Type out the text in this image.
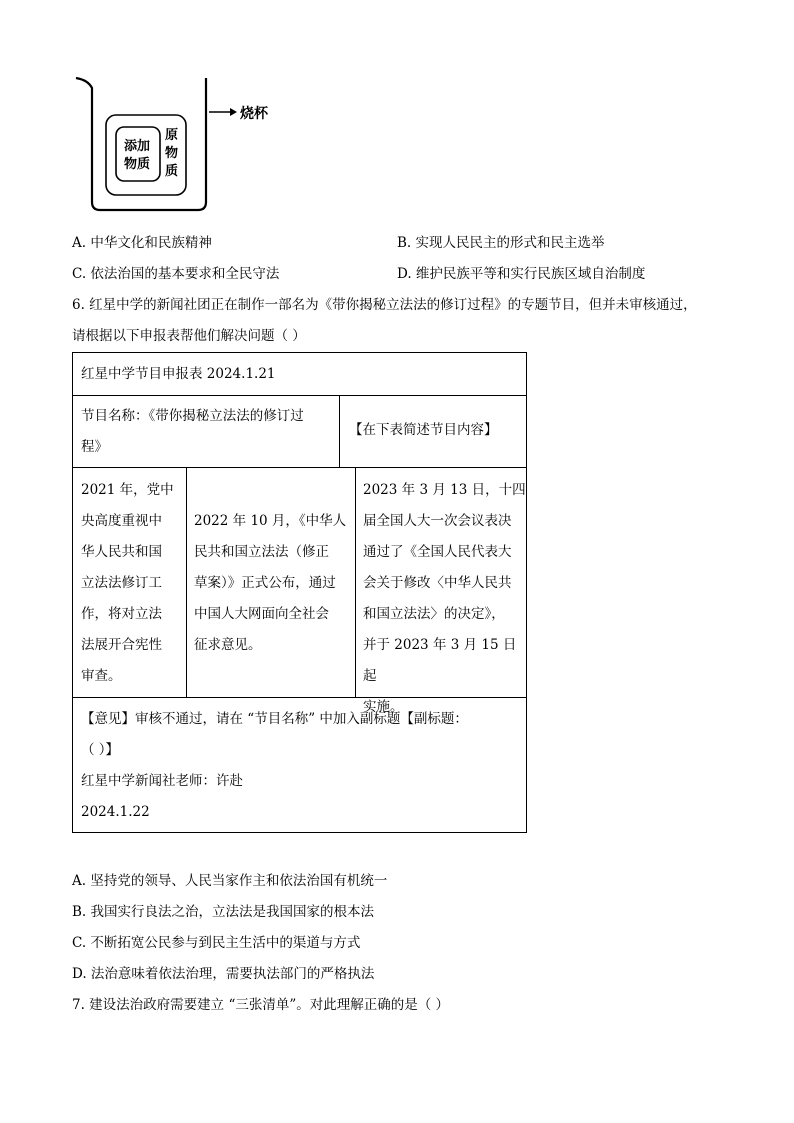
烧杯
添加
物质
原
物
质
A. 中华文化和民族精神	B. 实现人民民主的形式和民主选举
C. 依法治国的基本要求和全民守法	D. 维护民族平等和实行民族区域自治制度
6. 红星中学的新闻社团正在制作一部名为《带你揭秘立法法的修订过程》的专题节目，但并未审核通过，
请根据以下申报表帮他们解决问题（ ）
红星中学节目申报表 2024.1.21
节目名称：《带你揭秘立法法的修订过
程》
【在下表简述节目内容】
2021 年，党中
央高度重视中
华人民共和国
立法法修订工
作，将对立法
法展开合宪性
审查。
2022 年 10 月，《中华人
民共和国立法法（修正
草案）》正式公布，通过
中国人大网面向全社会
征求意见。
2023 年 3 月 13 日，十四
届全国人大一次会议表决
通过了《全国人民代表大
会关于修改〈中华人民共
和国立法法〉的决定》，
并于 2023 年 3 月 15 日起
实施。
【意见】审核不通过，请在 “节目名称” 中加入副标题【副标题：
（ ）】
红星中学新闻社老师：许赴
2024.1.22
A. 坚持党的领导、人民当家作主和依法治国有机统一
B. 我国实行良法之治，立法法是我国国家的根本法
C. 不断拓宽公民参与到民主生活中的渠道与方式
D. 法治意味着依法治理，需要执法部门的严格执法
7. 建设法治政府需要建立 “三张清单”。对此理解正确的是（ ）
